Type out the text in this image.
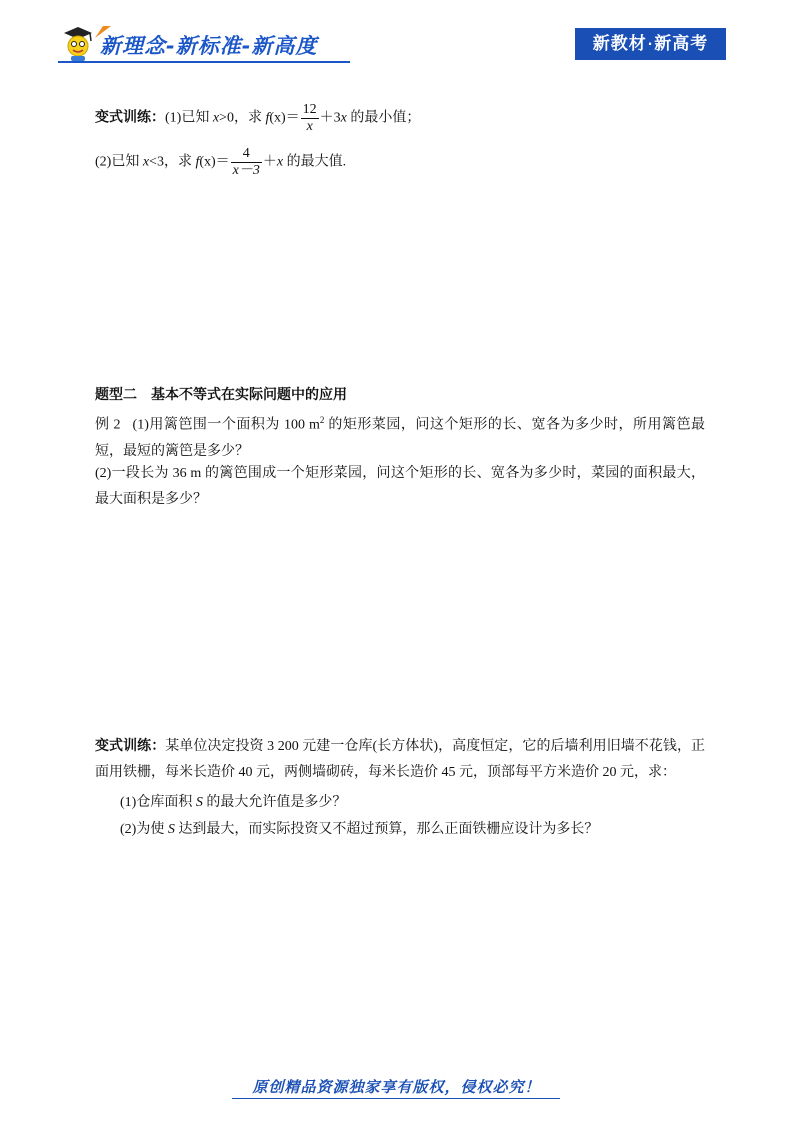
新理念-新标准-新高度	新教材·新高考
变式训练：(1)已知 x>0，求 $f(x)= \frac{12}{x} +3x$ 的最小值；
(2)已知 x<3，求 $f(x)= \frac{4}{x-3} +x$ 的最大值.
题型二　基本不等式在实际问题中的应用
例 2 (1)用篱笆围一个面积为 100 $m^2$ 的矩形菜园，问这个矩形的长、宽各为多少时，所用篱笆最短，最短的篱笆是多少？
(2)一段长为 36 m 的篱笆围成一个矩形菜园，问这个矩形的长、宽各为多少时，菜园的面积最大，最大面积是多少？
变式训练：某单位决定投资 3 200 元建一仓库(长方体状)，高度恒定，它的后墙利用旧墙不花钱，正面用铁栅，每米长造价 40 元，两侧墙砌砖，每米长造价 45 元，顶部每平方米造价 20 元，求：
(1)仓库面积 S 的最大允许值是多少？
(2)为使 S 达到最大，而实际投资又不超过预算，那么正面铁栅应设计为多长？
原创精品资源独家享有版权，侵权必究！
